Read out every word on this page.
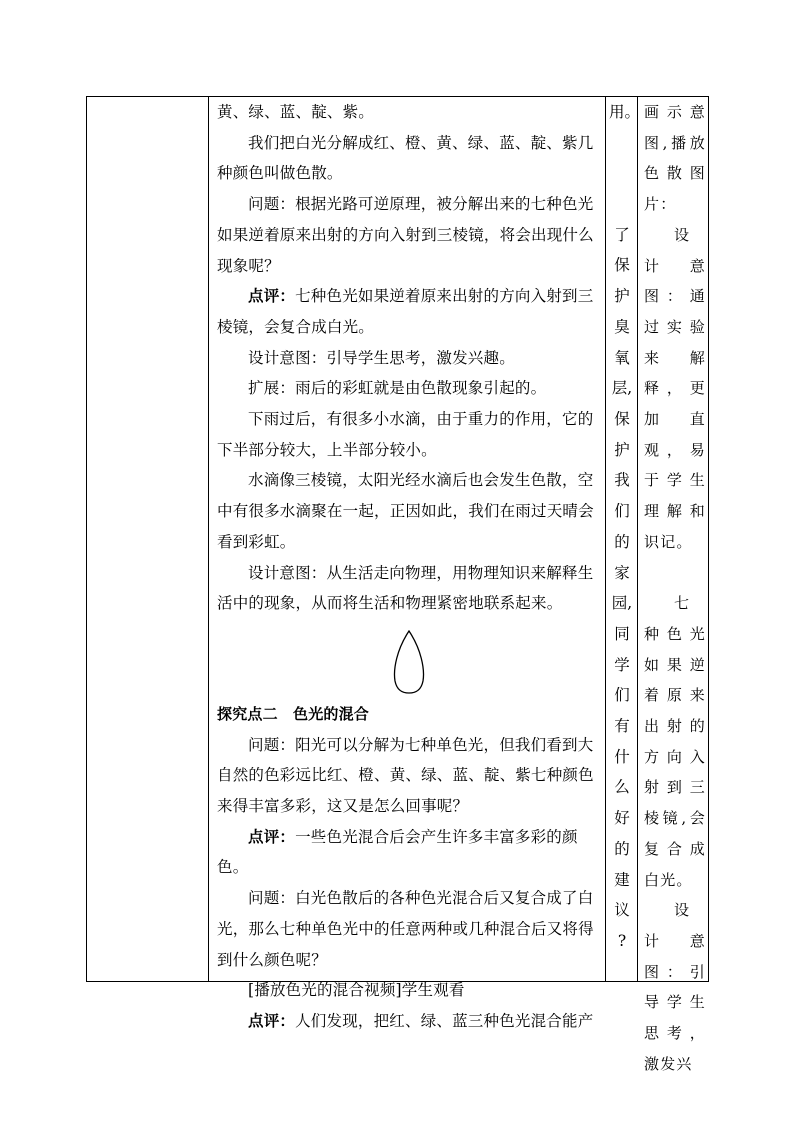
黄、绿、蓝、靛、紫。

我们把白光分解成红、橙、黄、绿、蓝、靛、紫几种颜色叫做色散。

问题：根据光路可逆原理，被分解出来的七种色光如果逆着原来出射的方向入射到三棱镜，将会出现什么现象呢？

点评：七种色光如果逆着原来出射的方向入射到三棱镜，会复合成白光。

设计意图：引导学生思考，激发兴趣。

扩展：雨后的彩虹就是由色散现象引起的。

下雨过后，有很多小水滴，由于重力的作用，它的下半部分较大，上半部分较小。

水滴像三棱镜，太阳光经水滴后也会发生色散，空中有很多水滴聚在一起，正因如此，我们在雨过天晴会看到彩虹。

设计意图：从生活走向物理，用物理知识来解释生活中的现象，从而将生活和物理紧密地联系起来。

探究点二　色光的混合

问题：阳光可以分解为七种单色光，但我们看到大自然的色彩远比红、橙、黄、绿、蓝、靛、紫七种颜色来得丰富多彩，这又是怎么回事呢？

点评：一些色光混合后会产生许多丰富多彩的颜色。

问题：白光色散后的各种色光混合后又复合成了白光，那么七种单色光中的任意两种或几种混合后又将得到什么颜色呢？

[播放色光的混合视频]学生观看

点评：人们发现，把红、绿、蓝三种色光混合能产

用。
了
保
护
臭
氧
层,
保
护
我
们
的
家
园,
同
学
们
有
什
么
好
的
建
议
?

画示意图,播放色散图片：

设计意图：通过实验来解释，更加直观，易于学生理解和识记。

七种色光如果逆着原来出射的方向入射到三棱镜,会复合成白光。

设计意图：引导学生思考，激发兴
